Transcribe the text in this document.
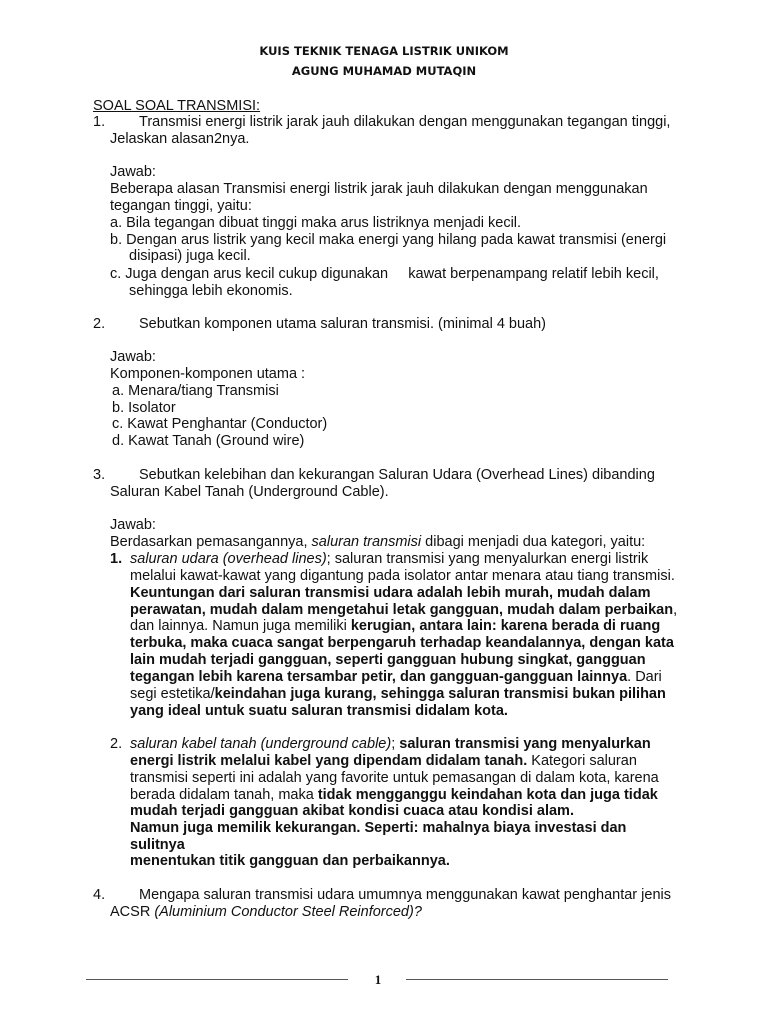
KUIS TEKNIK TENAGA LISTRIK UNIKOM
AGUNG MUHAMAD MUTAQIN
SOAL SOAL TRANSMISI:
1. Transmisi energi listrik jarak jauh dilakukan dengan menggunakan tegangan tinggi,
Jelaskan alasan2nya.
Jawab:
Beberapa alasan Transmisi energi listrik jarak jauh dilakukan dengan menggunakan
tegangan tinggi, yaitu:
a. Bila tegangan dibuat tinggi maka arus listriknya menjadi kecil.
b. Dengan arus listrik yang kecil maka energi yang hilang pada kawat transmisi (energi
disipasi) juga kecil.
c. Juga dengan arus kecil cukup digunakan     kawat berpenampang relatif lebih kecil,
sehingga lebih ekonomis.
2. Sebutkan komponen utama saluran transmisi. (minimal 4 buah)
Jawab:
Komponen-komponen utama :
a. Menara/tiang Transmisi
b. Isolator
c. Kawat Penghantar (Conductor)
d. Kawat Tanah (Ground wire)
3. Sebutkan kelebihan dan kekurangan Saluran Udara (Overhead Lines) dibanding
Saluran Kabel Tanah (Underground Cable).
Jawab:
Berdasarkan pemasangannya, saluran transmisi dibagi menjadi dua kategori, yaitu:
1. saluran udara (overhead lines); saluran transmisi yang menyalurkan energi listrik
melalui kawat-kawat yang digantung pada isolator antar menara atau tiang transmisi.
Keuntungan dari saluran transmisi udara adalah lebih murah, mudah dalam
perawatan, mudah dalam mengetahui letak gangguan, mudah dalam perbaikan,
dan lainnya. Namun juga memiliki kerugian, antara lain: karena berada di ruang
terbuka, maka cuaca sangat berpengaruh terhadap keandalannya, dengan kata
lain mudah terjadi gangguan, seperti gangguan hubung singkat, gangguan
tegangan lebih karena tersambar petir, dan gangguan-gangguan lainnya. Dari
segi estetika/keindahan juga kurang, sehingga saluran transmisi bukan pilihan
yang ideal untuk suatu saluran transmisi didalam kota.
2. saluran kabel tanah (underground cable); saluran transmisi yang menyalurkan
energi listrik melalui kabel yang dipendam didalam tanah. Kategori saluran
transmisi seperti ini adalah yang favorite untuk pemasangan di dalam kota, karena
berada didalam tanah, maka tidak mengganggu keindahan kota dan juga tidak
mudah terjadi gangguan akibat kondisi cuaca atau kondisi alam.
Namun juga memilik kekurangan. Seperti: mahalnya biaya investasi dan
sulitnya
menentukan titik gangguan dan perbaikannya.
4. Mengapa saluran transmisi udara umumnya menggunakan kawat penghantar jenis
ACSR (Aluminium Conductor Steel Reinforced)?
1
